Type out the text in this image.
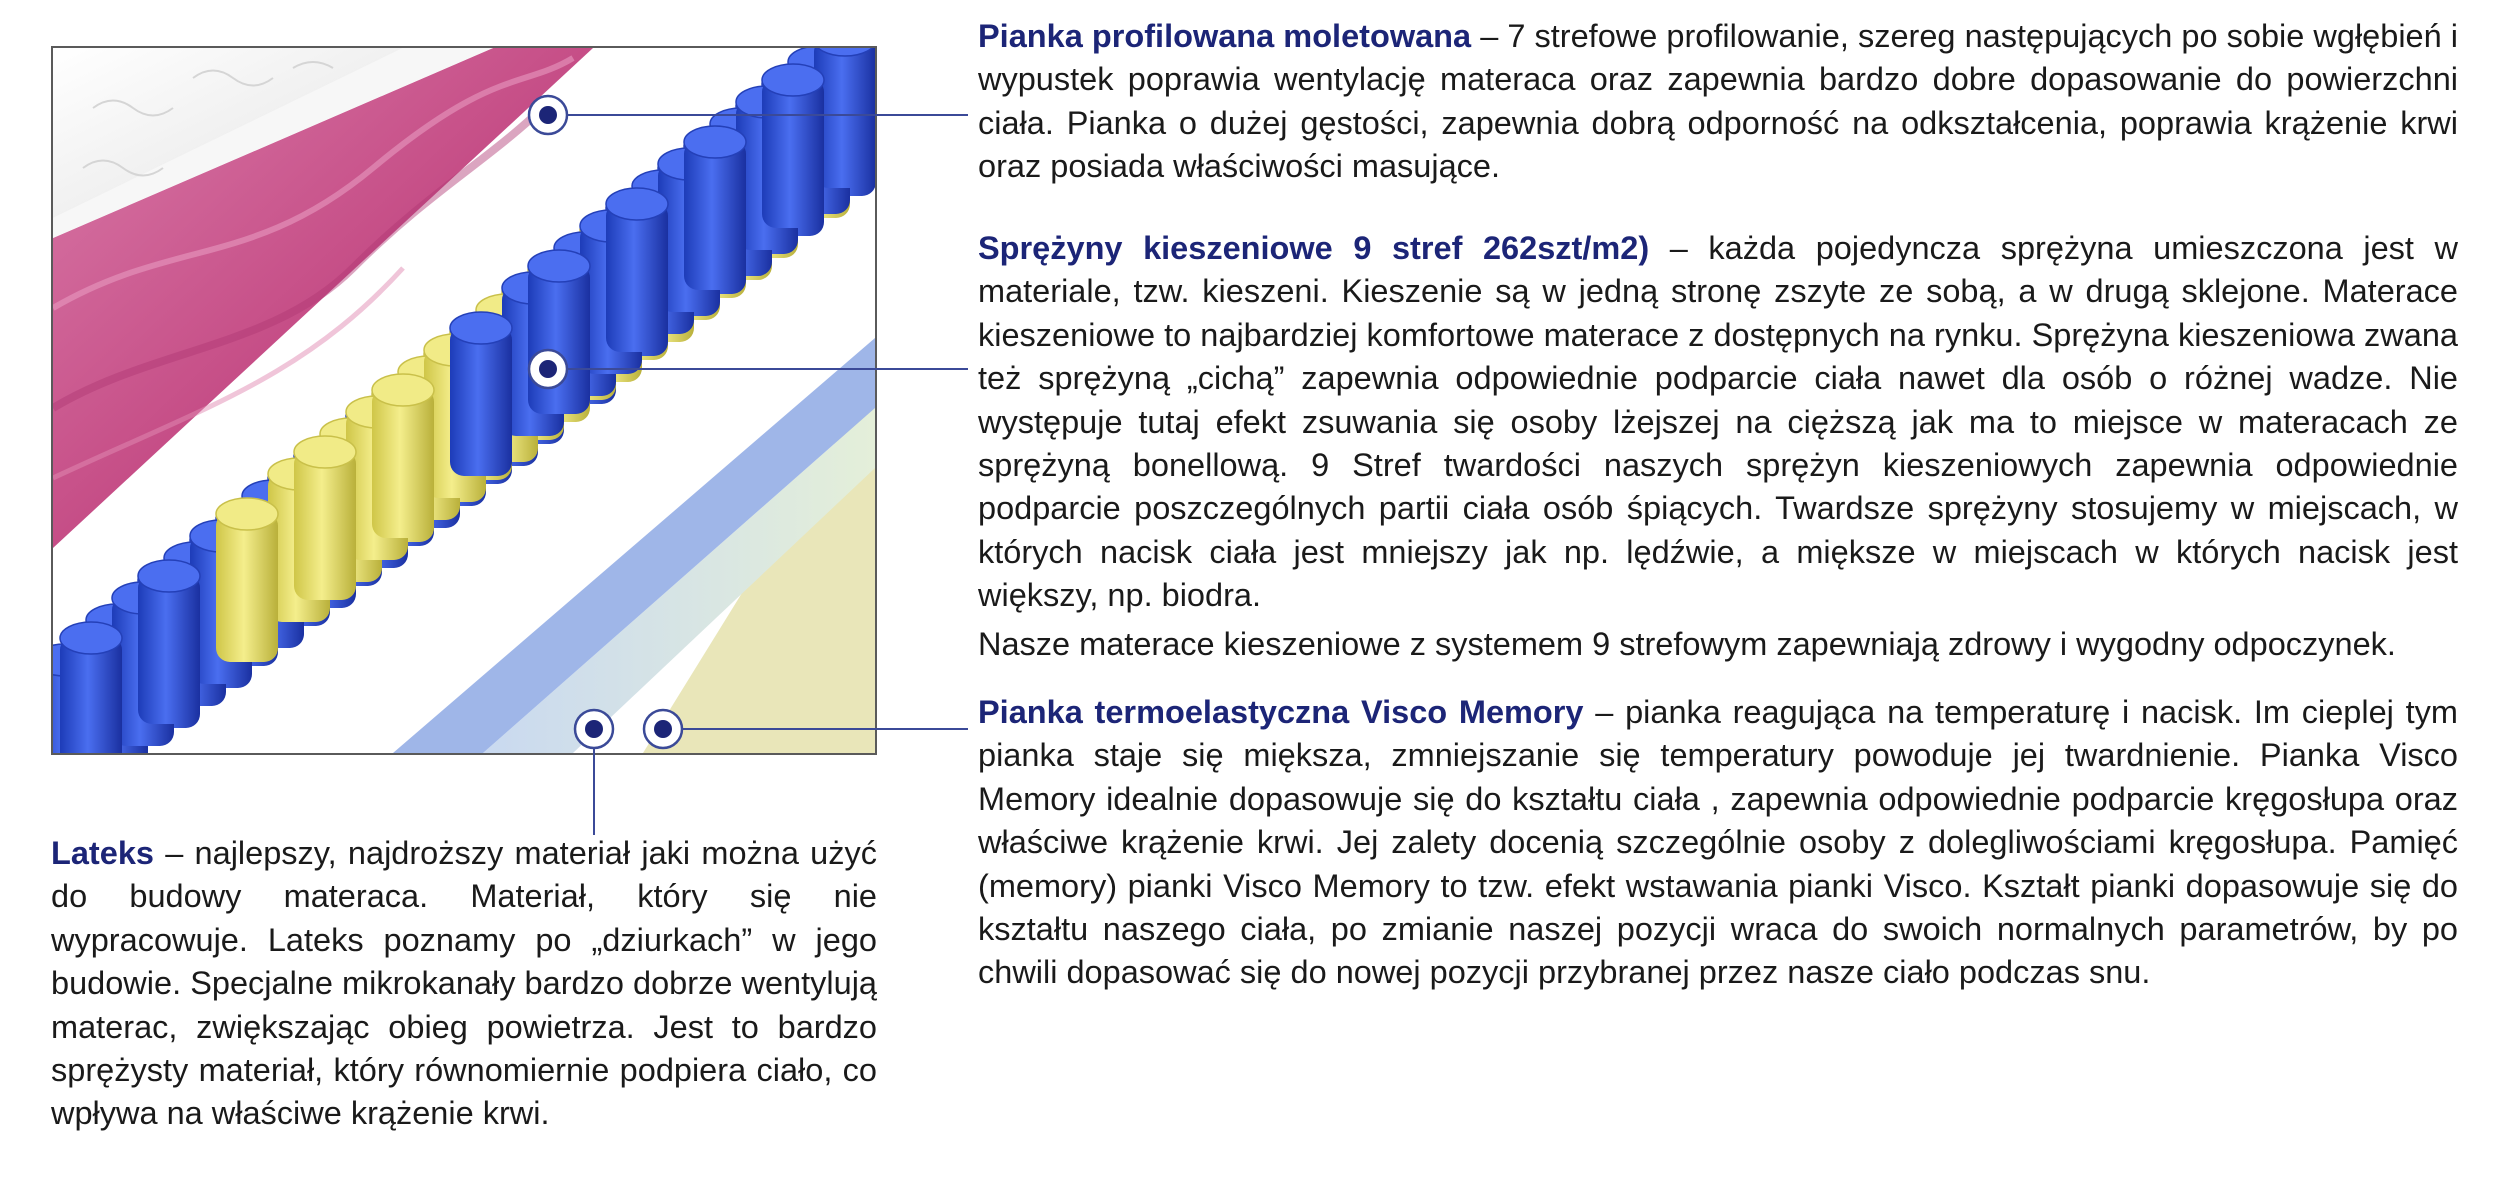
Pianka profilowana moletowana – 7 strefowe profilowanie, szereg następujących po sobie wgłębień i wypustek poprawia wentylację materaca oraz zapewnia bardzo dobre dopasowanie do powierzchni ciała. Pianka o dużej gęstości, zapewnia dobrą odporność na odkształcenia, poprawia krążenie krwi oraz posiada właściwości masujące.

Sprężyny kieszeniowe 9 stref 262szt/m2) – każda pojedyncza sprężyna umieszczona jest w materiale, tzw. kieszeni. Kieszenie są w jedną stronę zszyte ze sobą, a w drugą sklejone. Materace kieszeniowe to najbardziej komfortowe materace z dostępnych na rynku. Sprężyna kieszeniowa zwana też sprężyną „cichą” zapewnia odpowiednie podparcie ciała nawet dla osób o różnej wadze. Nie występuje tutaj efekt zsuwania się osoby lżejszej na cięższą jak ma to miejsce w materacach ze sprężyną bonellową. 9 Stref twardości naszych sprężyn kieszeniowych zapewnia odpowiednie podparcie poszczególnych partii ciała osób śpiących. Twardsze sprężyny stosujemy w miejscach, w których nacisk ciała jest mniejszy jak np. lędźwie, a miększe w miejscach w których nacisk jest większy, np. biodra.

Nasze materace kieszeniowe z systemem 9 strefowym zapewniają zdrowy i wygodny odpoczynek.

Pianka termoelastyczna Visco Memory – pianka reagująca na temperaturę i nacisk. Im cieplej tym pianka staje się miększa, zmniejszanie się temperatury powoduje jej twardnienie. Pianka Visco Memory idealnie dopasowuje się do kształtu ciała , zapewnia odpowiednie podparcie kręgosłupa oraz właściwe krążenie krwi. Jej zalety docenią szczególnie osoby z dolegliwościami kręgosłupa. Pamięć (memory) pianki Visco Memory to tzw. efekt wstawania pianki Visco. Kształt pianki dopasowuje się do kształtu naszego ciała, po zmianie naszej pozycji wraca do swoich normalnych parametrów, by po chwili dopasować się do nowej pozycji przybranej przez nasze ciało podczas snu.

Lateks – najlepszy, najdroższy materiał jaki można użyć do budowy materaca. Materiał, który się nie wypracowuje. Lateks poznamy po „dziurkach” w jego budowie. Specjalne mikrokanały bardzo dobrze wentylują materac, zwiększając obieg powietrza. Jest to bardzo sprężysty materiał, który równomiernie podpiera ciało, co wpływa na właściwe krążenie krwi.
